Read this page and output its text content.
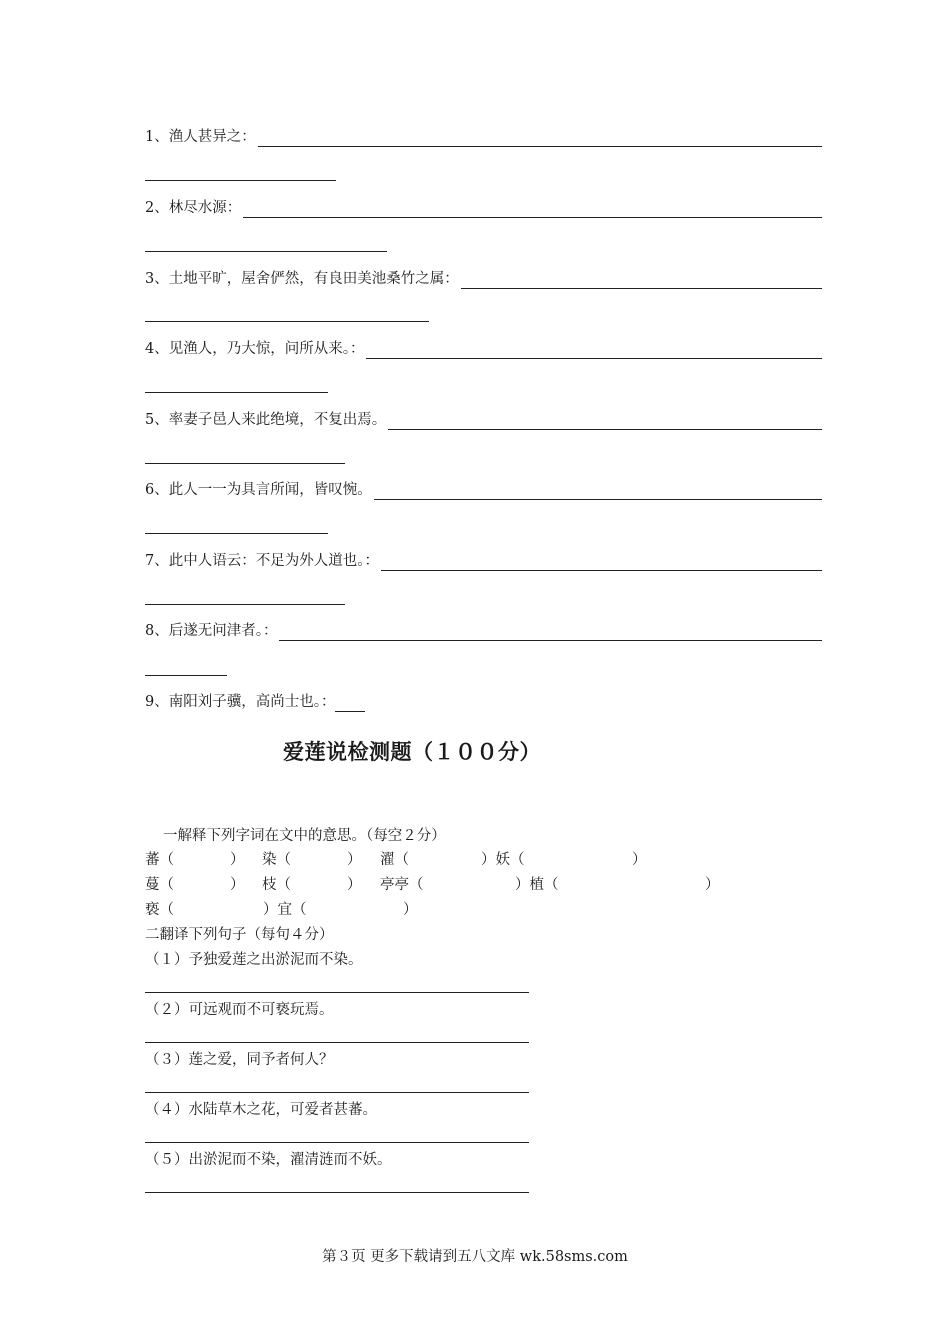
1、渔人甚异之：
2、林尽水源：
3、土地平旷，屋舍俨然，有良田美池桑竹之属：
4、见渔人，乃大惊，问所从来。：
5、率妻子邑人来此绝境，不复出焉。
6、此人一一为具言所闻，皆叹惋。
7、此中人语云：不足为外人道也。：
8、后遂无问津者。：
9、南阳刘子骥，高尚士也。：
爱莲说检测题（１００分）
一解释下列字词在文中的意思。（每空２分）
蕃（	） 染（	） 濯（	）妖（	）
蔓（	） 枝（	） 亭亭（	）植（	）
亵（	）宜（	）
二翻译下列句子（每句４分）
（１）予独爱莲之出淤泥而不染。
（２）可远观而不可亵玩焉。
（３）莲之爱，同予者何人？
（４）水陆草木之花，可爱者甚蕃。
（５）出淤泥而不染，濯清涟而不妖。
第３页 更多下载请到五八文库 wk.58sms.com
